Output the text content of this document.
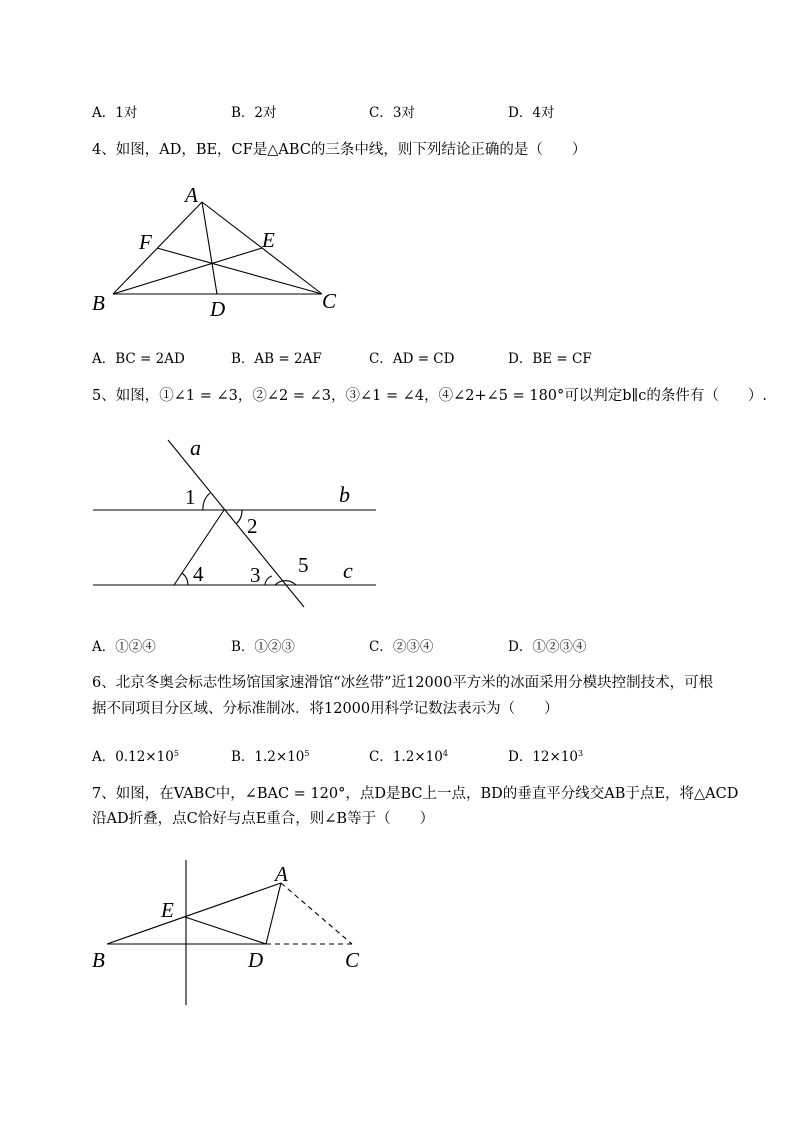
A．1对	B．2对	C．3对	D．4对
4、如图，AD，BE，CF是△ABC的三条中线，则下列结论正确的是（　　）
A
F	E
B	D	C
A．BC = 2AD	B．AB = 2AF	C．AD = CD	D．BE = CF
5、如图，①∠1 = ∠3，②∠2 = ∠3，③∠1 = ∠4，④∠2+∠5 = 180°可以判定b∥c的条件有（　　）.
a
b
c
1
2
3
4	5
A．①②④	B．①②③	C．②③④	D．①②③④
6、北京冬奥会标志性场馆国家速滑馆“冰丝带”近12000平方米的冰面采用分模块控制技术，可根
据不同项目分区域、分标准制冰．将12000用科学记数法表示为（　　）
A．$0.12\times 10^5$	B．$1.2\times 10^5$	C．$1.2\times 10^4$	D．$12\times 10^3$
7、如图，在VABC中，∠BAC = 120°，点D是BC上一点，BD的垂直平分线交AB于点E，将△ACD
沿AD折叠，点C恰好与点E重合，则∠B等于（　　）
A
E
B	D	C
